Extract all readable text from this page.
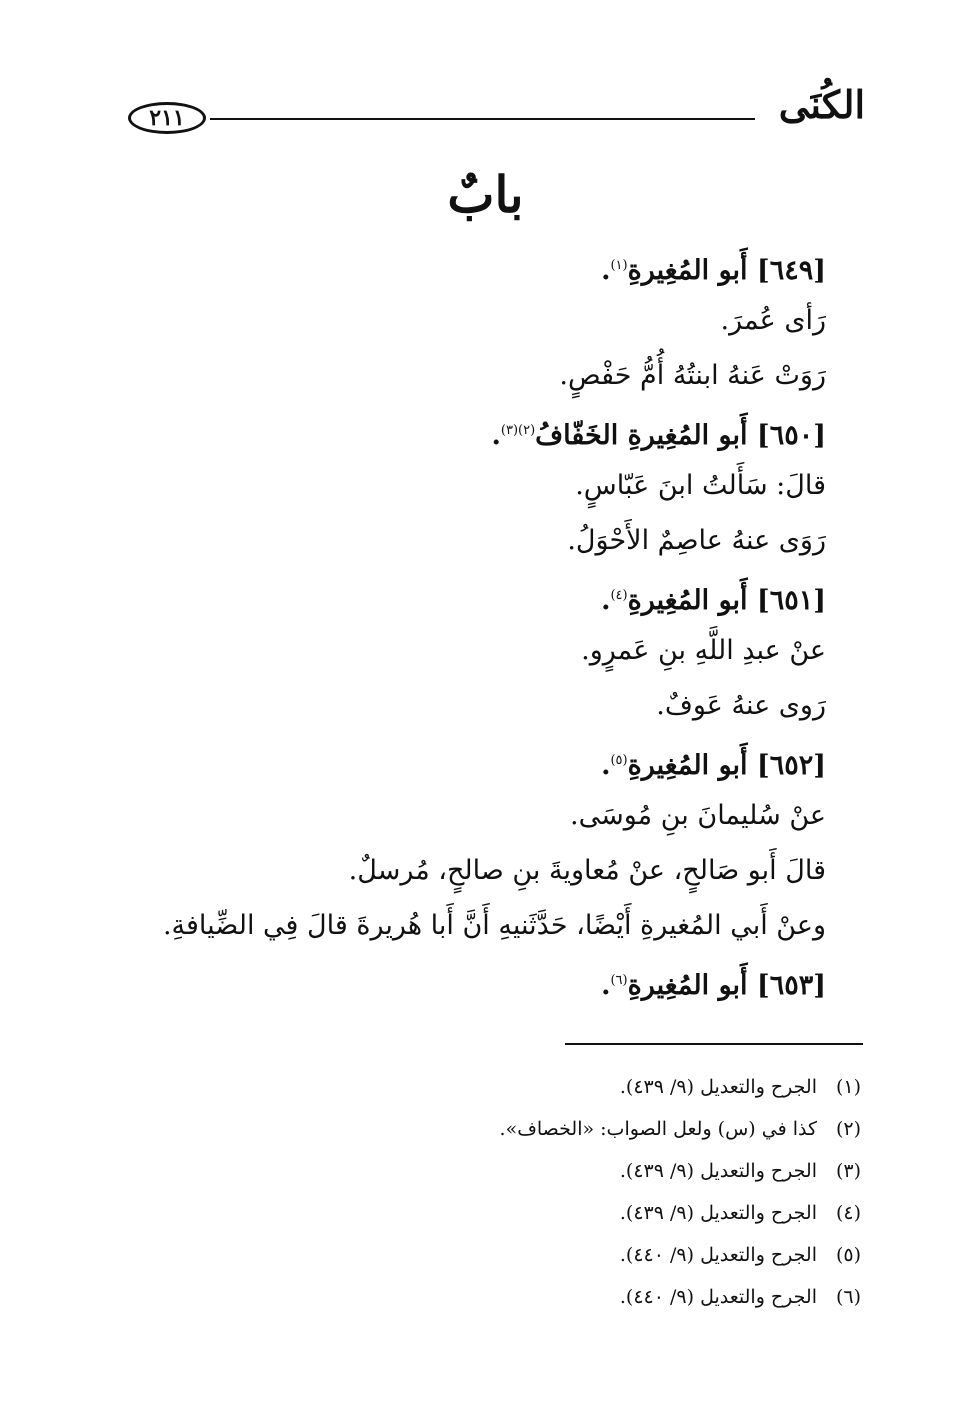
٢١١	الكُنَى
بابٌ
[٦٤٩] أَبو المُغِيرةِ$^{(١)}$.
رَأى عُمرَ.
رَوَتْ عَنهُ ابنتُهُ أُمُّ حَفْصٍ.
[٦٥٠] أَبو المُغِيرةِ الخَفّافُ$^{(٢)(٣)}$.
قالَ: سَأَلتُ ابنَ عَبّاسٍ.
رَوَى عنهُ عاصِمٌ الأَحْوَلُ.
[٦٥١] أَبو المُغِيرةِ$^{(٤)}$.
عنْ عبدِ اللَّهِ بنِ عَمرٍو.
رَوى عنهُ عَوفٌ.
[٦٥٢] أَبو المُغِيرةِ$^{(٥)}$.
عنْ سُليمانَ بنِ مُوسَى.
قالَ أَبو صَالحٍ، عنْ مُعاويةَ بنِ صالحٍ، مُرسلٌ.
وعنْ أَبي المُغيرةِ أَيْضًا، حَدَّثَنيهِ أَنَّ أَبا هُريرةَ قالَ فِي الضِّيافةِ.
[٦٥٣] أَبو المُغِيرةِ$^{(٦)}$.
(١)الجرح والتعديل (٩/ ٤٣٩).
(٢)كذا في (س) ولعل الصواب: «الخصاف».
(٣)الجرح والتعديل (٩/ ٤٣٩).
(٤)الجرح والتعديل (٩/ ٤٣٩).
(٥)الجرح والتعديل (٩/ ٤٤٠).
(٦)الجرح والتعديل (٩/ ٤٤٠).
